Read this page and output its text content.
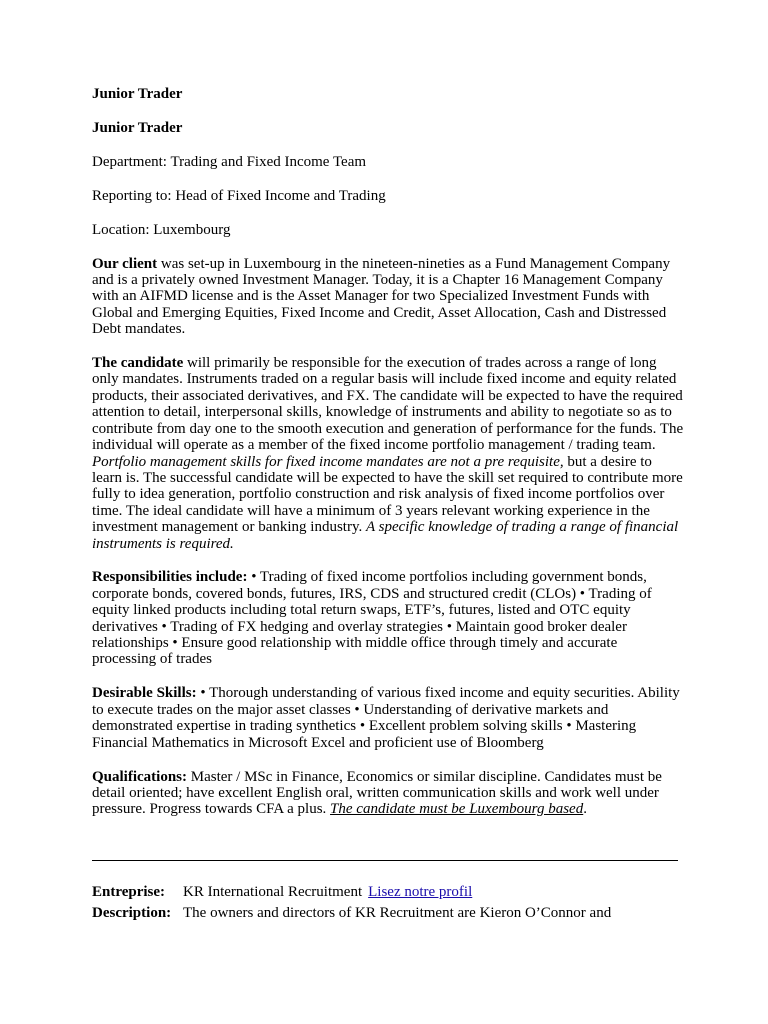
Junior Trader

Junior Trader

Department: Trading and Fixed Income Team

Reporting to: Head of Fixed Income and Trading

Location: Luxembourg

Our client was set-up in Luxembourg in the nineteen-nineties as a Fund Management Company and is a privately owned Investment Manager. Today, it is a Chapter 16 Management Company with an AIFMD license and is the Asset Manager for two Specialized Investment Funds with Global and Emerging Equities, Fixed Income and Credit, Asset Allocation, Cash and Distressed Debt mandates.

The candidate will primarily be responsible for the execution of trades across a range of long only mandates. Instruments traded on a regular basis will include fixed income and equity related products, their associated derivatives, and FX. The candidate will be expected to have the required attention to detail, interpersonal skills, knowledge of instruments and ability to negotiate so as to contribute from day one to the smooth execution and generation of performance for the funds. The individual will operate as a member of the fixed income portfolio management / trading team. Portfolio management skills for fixed income mandates are not a pre requisite, but a desire to learn is. The successful candidate will be expected to have the skill set required to contribute more fully to idea generation, portfolio construction and risk analysis of fixed income portfolios over time. The ideal candidate will have a minimum of 3 years relevant working experience in the investment management or banking industry. A specific knowledge of trading a range of financial instruments is required.

Responsibilities include: • Trading of fixed income portfolios including government bonds, corporate bonds, covered bonds, futures, IRS, CDS and structured credit (CLOs) • Trading of equity linked products including total return swaps, ETF’s, futures, listed and OTC equity derivatives • Trading of FX hedging and overlay strategies • Maintain good broker dealer relationships • Ensure good relationship with middle office through timely and accurate processing of trades

Desirable Skills: • Thorough understanding of various fixed income and equity securities. Ability to execute trades on the major asset classes • Understanding of derivative markets and demonstrated expertise in trading synthetics • Excellent problem solving skills • Mastering Financial Mathematics in Microsoft Excel and proficient use of Bloomberg

Qualifications: Master / MSc in Finance, Economics or similar discipline. Candidates must be detail oriented; have excellent English oral, written communication skills and work well under pressure. Progress towards CFA a plus. The candidate must be Luxembourg based.

Entreprise:	KR International Recruitment Lisez notre profil
Description: The owners and directors of KR Recruitment are Kieron O’Connor and
